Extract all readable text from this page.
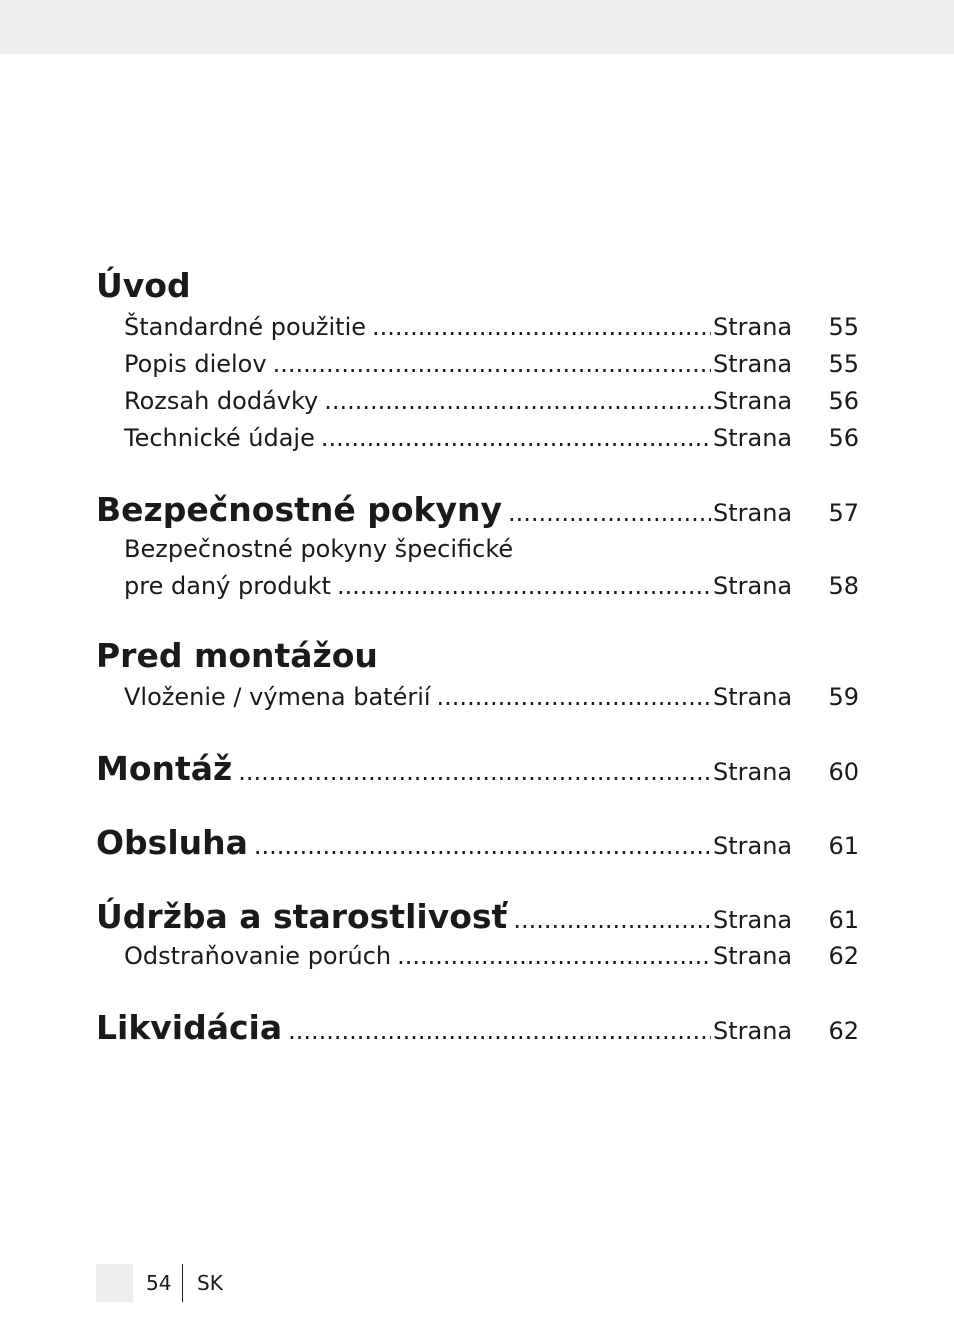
Úvod
Štandardné použitie .....	Strana	55
Popis dielov .....	Strana	55
Rozsah dodávky .....	Strana	56
Technické údaje .....	Strana	56
Bezpečnostné pokyny .....	Strana	57
Bezpečnostné pokyny špecifické
pre daný produkt .....	Strana	58
Pred montážou
Vloženie / výmena batérií .....	Strana	59
Montáž .....	Strana	60
Obsluha .....	Strana	61
Údržba a starostlivosť .....	Strana	61
Odstraňovanie porúch .....	Strana	62
Likvidácia .....	Strana	62
54 SK
